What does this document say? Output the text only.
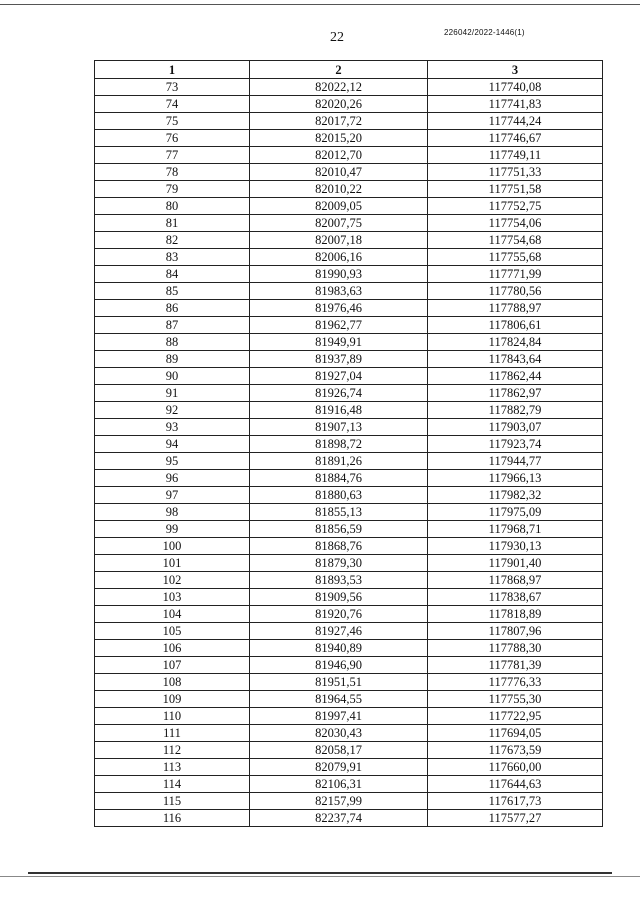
22	226042/2022-1446(1)
1	2	3
73	82022,12	117740,08
74	82020,26	117741,83
75	82017,72	117744,24
76	82015,20	117746,67
77	82012,70	117749,11
78	82010,47	117751,33
79	82010,22	117751,58
80	82009,05	117752,75
81	82007,75	117754,06
82	82007,18	117754,68
83	82006,16	117755,68
84	81990,93	117771,99
85	81983,63	117780,56
86	81976,46	117788,97
87	81962,77	117806,61
88	81949,91	117824,84
89	81937,89	117843,64
90	81927,04	117862,44
91	81926,74	117862,97
92	81916,48	117882,79
93	81907,13	117903,07
94	81898,72	117923,74
95	81891,26	117944,77
96	81884,76	117966,13
97	81880,63	117982,32
98	81855,13	117975,09
99	81856,59	117968,71
100	81868,76	117930,13
101	81879,30	117901,40
102	81893,53	117868,97
103	81909,56	117838,67
104	81920,76	117818,89
105	81927,46	117807,96
106	81940,89	117788,30
107	81946,90	117781,39
108	81951,51	117776,33
109	81964,55	117755,30
110	81997,41	117722,95
111	82030,43	117694,05
112	82058,17	117673,59
113	82079,91	117660,00
114	82106,31	117644,63
115	82157,99	117617,73
116	82237,74	117577,27
